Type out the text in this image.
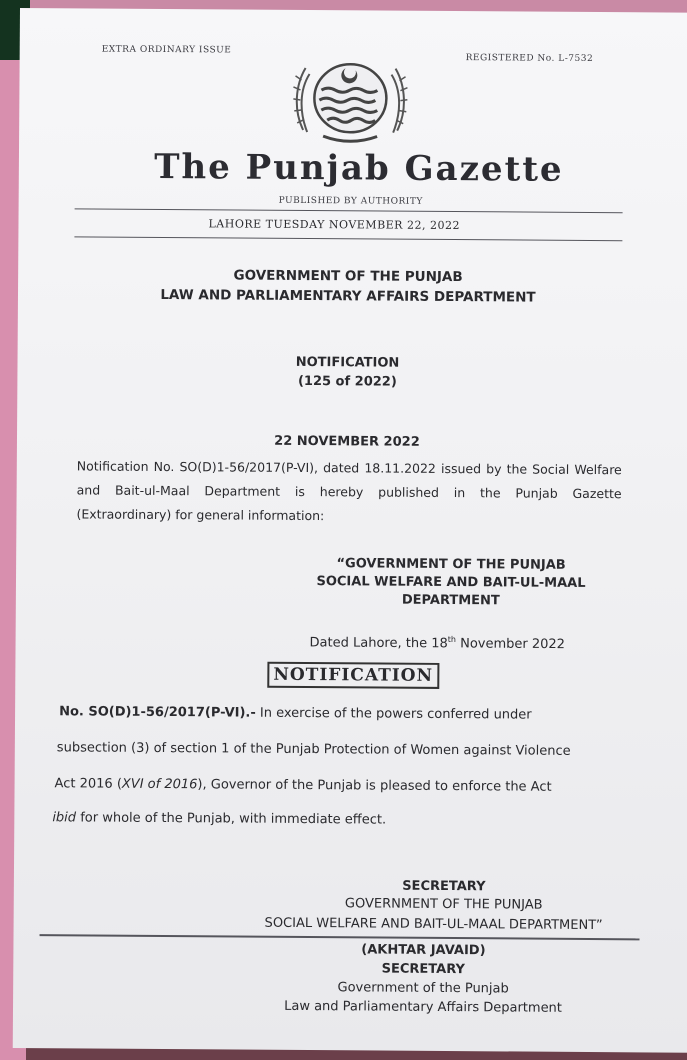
EXTRA ORDINARY ISSUE
REGISTERED No. L-7532
The Punjab Gazette
PUBLISHED BY AUTHORITY
LAHORE TUESDAY NOVEMBER 22, 2022
GOVERNMENT OF THE PUNJAB
LAW AND PARLIAMENTARY AFFAIRS DEPARTMENT
NOTIFICATION
(125 of 2022)
22 NOVEMBER 2022
Notification No. SO(D)1-56/2017(P-VI), dated 18.11.2022 issued by the Social Welfare and Bait-ul-Maal Department is hereby published in the Punjab Gazette (Extraordinary) for general information:
“GOVERNMENT OF THE PUNJAB
SOCIAL WELFARE AND BAIT-UL-MAAL
DEPARTMENT
Dated Lahore, the 18th November 2022
NOTIFICATION
No. SO(D)1-56/2017(P-VI).- In exercise of the powers conferred under
subsection (3) of section 1 of the Punjab Protection of Women against Violence
Act 2016 (XVI of 2016), Governor of the Punjab is pleased to enforce the Act
ibid for whole of the Punjab, with immediate effect.
SECRETARY
GOVERNMENT OF THE PUNJAB
SOCIAL WELFARE AND BAIT-UL-MAAL DEPARTMENT”
(AKHTAR JAVAID)
SECRETARY
Government of the Punjab
Law and Parliamentary Affairs Department
